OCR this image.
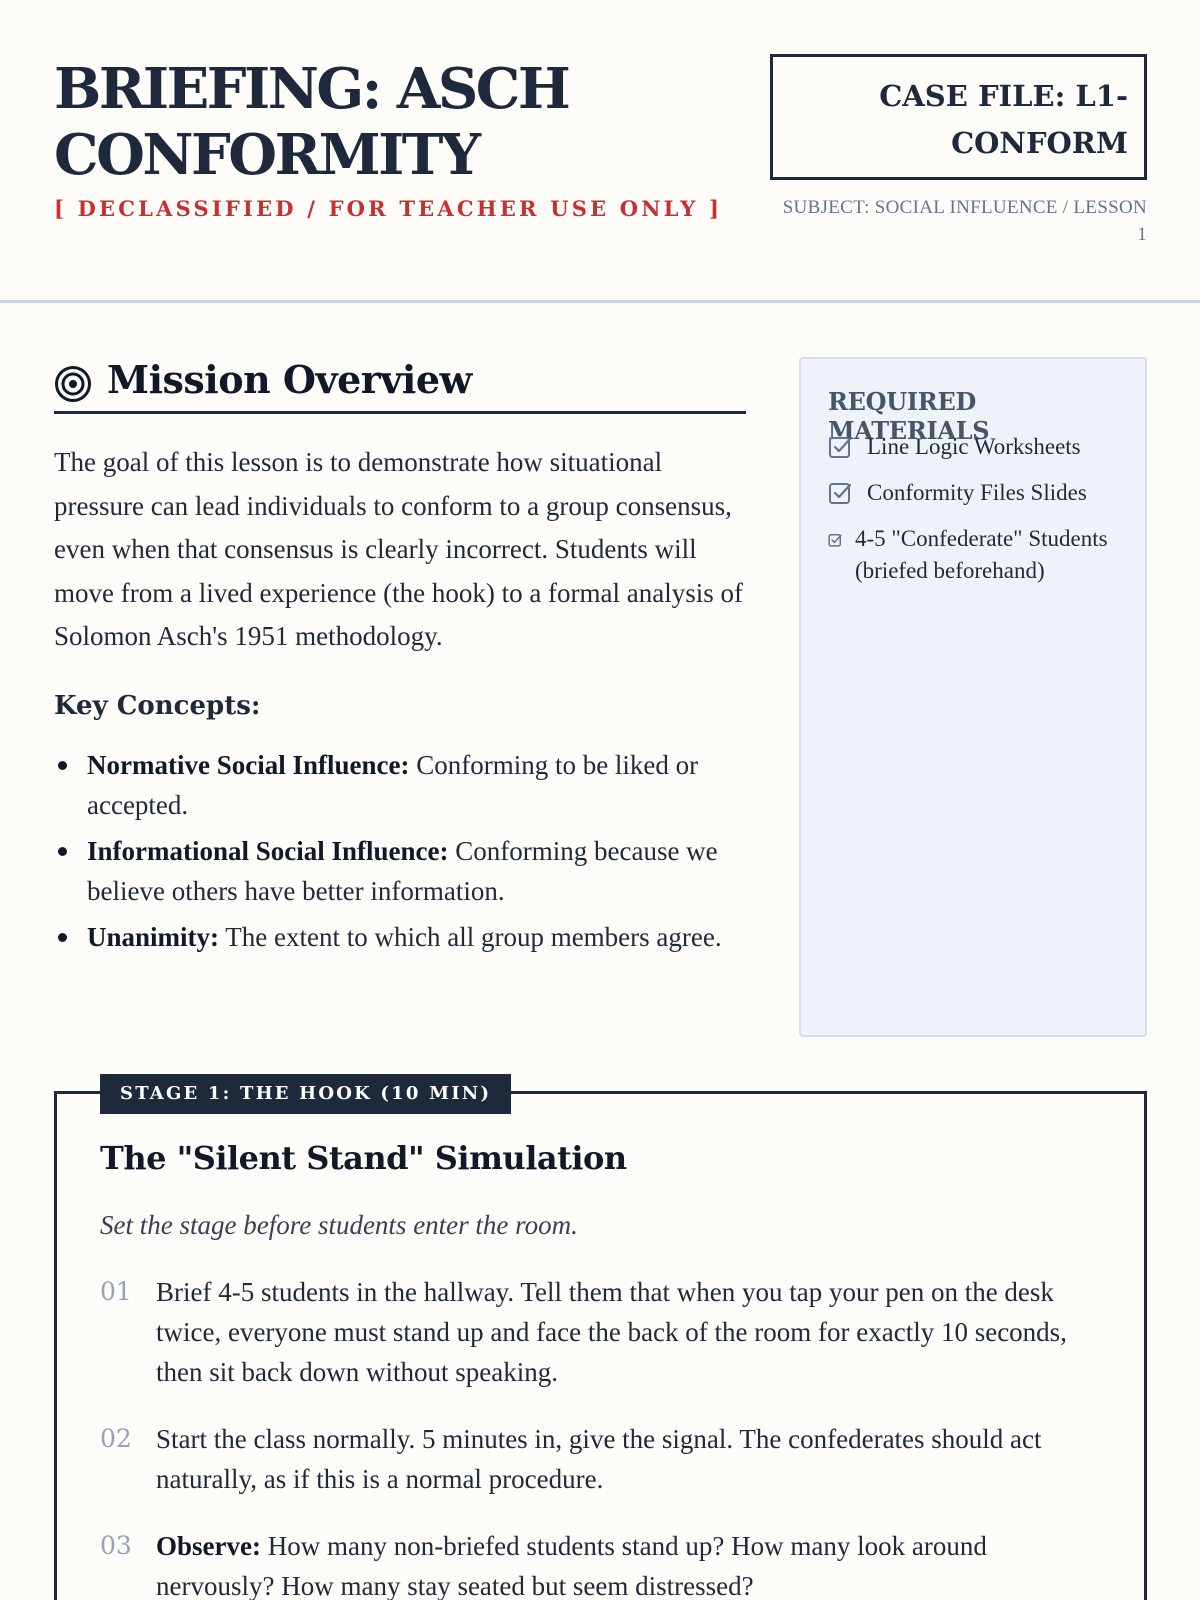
BRIEFING: ASCH
CONFORMITY
[ DECLASSIFIED / FOR TEACHER USE ONLY ]
CASE FILE: L1-
CONFORM
SUBJECT: SOCIAL INFLUENCE / LESSON
1
Mission Overview

The goal of this lesson is to demonstrate how situational pressure can lead individuals to conform to a group consensus, even when that consensus is clearly incorrect. Students will move from a lived experience (the hook) to a formal analysis of Solomon Asch's 1951 methodology.

Key Concepts:
Normative Social Influence: Conforming to be liked or accepted.
Informational Social Influence: Conforming because we believe others have better information.
Unanimity: The extent to which all group members agree.
REQUIRED MATERIALS
Line Logic Worksheets
Conformity Files Slides
4-5 "Confederate" Students (briefed beforehand)
STAGE 1: THE HOOK (10 MIN)
The "Silent Stand" Simulation
Set the stage before students enter the room.
01 Brief 4-5 students in the hallway. Tell them that when you tap your pen on the desk twice, everyone must stand up and face the back of the room for exactly 10 seconds, then sit back down without speaking.
02 Start the class normally. 5 minutes in, give the signal. The confederates should act naturally, as if this is a normal procedure.
03 Observe: How many non-briefed students stand up? How many look around nervously? How many stay seated but seem distressed?
